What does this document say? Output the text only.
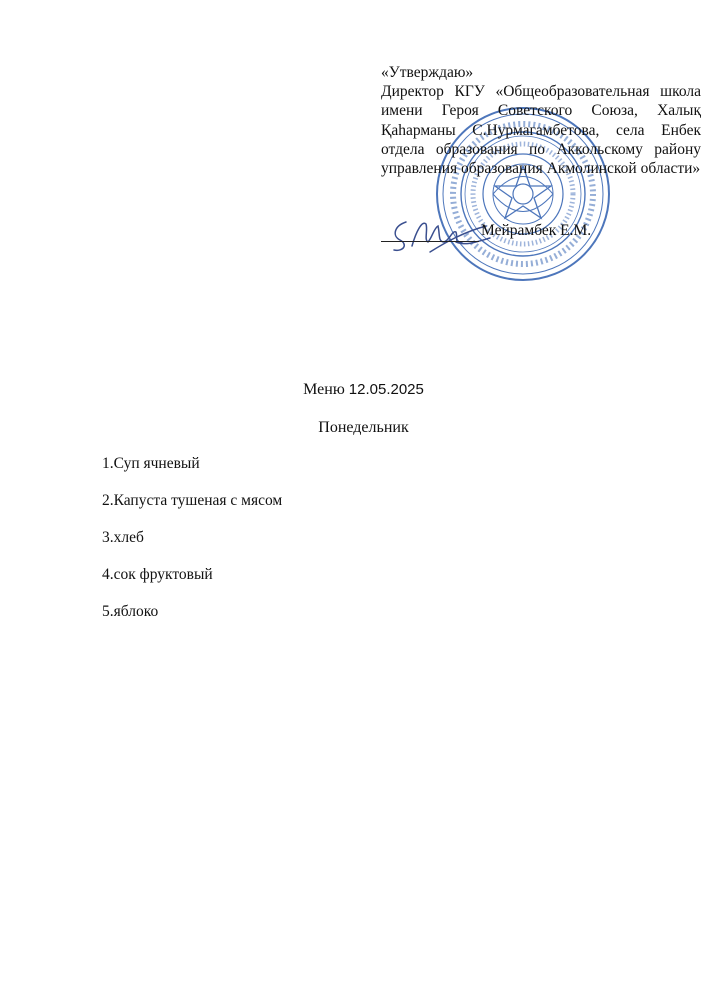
«Утверждаю»
Директор КГУ «Общеобразовательная школа имени Героя Советского Союза, Халық Қаһарманы С.Нурмагамбетова, села Енбек отдела образования по Аккольскому району управления образования Акмолинской области»
Мейрамбек Е.М.
Меню 12.05.2025
Понедельник
1.Суп ячневый
2.Капуста тушеная с мясом
3.хлеб
4.сок фруктовый
5.яблоко
